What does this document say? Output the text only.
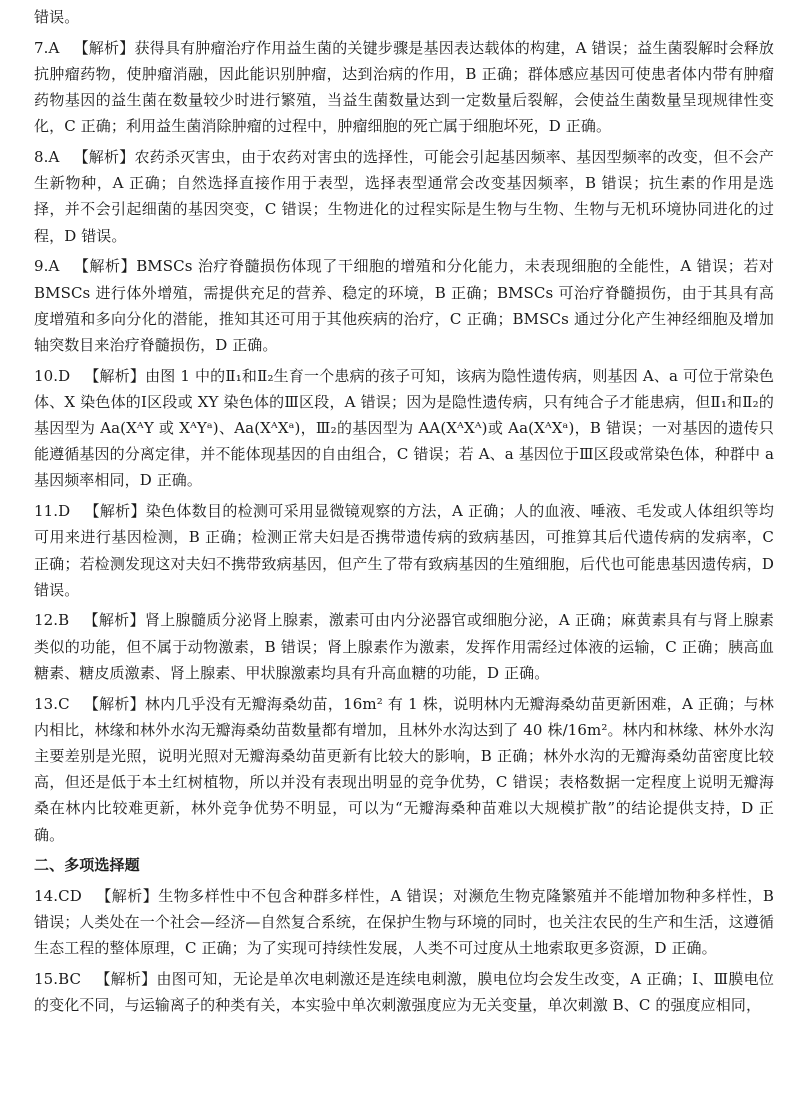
错误。

7.A 【解析】获得具有肿瘤治疗作用益生菌的关键步骤是基因表达载体的构建，A 错误；益生菌裂解时会释放抗肿瘤药物，使肿瘤消融，因此能识别肿瘤，达到治病的作用，B 正确；群体感应基因可使患者体内带有肿瘤药物基因的益生菌在数量较少时进行繁殖，当益生菌数量达到一定数量后裂解，会使益生菌数量呈现规律性变化，C 正确；利用益生菌消除肿瘤的过程中，肿瘤细胞的死亡属于细胞坏死，D 正确。

8.A 【解析】农药杀灭害虫，由于农药对害虫的选择性，可能会引起基因频率、基因型频率的改变，但不会产生新物种，A 正确；自然选择直接作用于表型，选择表型通常会改变基因频率，B 错误；抗生素的作用是选择，并不会引起细菌的基因突变，C 错误；生物进化的过程实际是生物与生物、生物与无机环境协同进化的过程，D 错误。

9.A 【解析】BMSCs 治疗脊髓损伤体现了干细胞的增殖和分化能力，未表现细胞的全能性，A 错误；若对 BMSCs 进行体外增殖，需提供充足的营养、稳定的环境，B 正确；BMSCs 可治疗脊髓损伤，由于其具有高度增殖和多向分化的潜能，推知其还可用于其他疾病的治疗，C 正确；BMSCs 通过分化产生神经细胞及增加轴突数目来治疗脊髓损伤，D 正确。

10.D 【解析】由图 1 中的Ⅱ₁和Ⅱ₂生育一个患病的孩子可知，该病为隐性遗传病，则基因 A、a 可位于常染色体、X 染色体的Ⅰ区段或 XY 染色体的Ⅲ区段，A 错误；因为是隐性遗传病，只有纯合子才能患病，但Ⅱ₁和Ⅱ₂的基因型为 Aa(XᴬY 或 XᴬYᵃ)、Aa(XᴬXᵃ)，Ⅲ₂的基因型为 AA(XᴬXᴬ)或 Aa(XᴬXᵃ)，B 错误；一对基因的遗传只能遵循基因的分离定律，并不能体现基因的自由组合，C 错误；若 A、a 基因位于Ⅲ区段或常染色体，种群中 a 基因频率相同，D 正确。

11.D 【解析】染色体数目的检测可采用显微镜观察的方法，A 正确；人的血液、唾液、毛发或人体组织等均可用来进行基因检测，B 正确；检测正常夫妇是否携带遗传病的致病基因，可推算其后代遗传病的发病率，C 正确；若检测发现这对夫妇不携带致病基因，但产生了带有致病基因的生殖细胞，后代也可能患基因遗传病，D 错误。

12.B 【解析】肾上腺髓质分泌肾上腺素，激素可由内分泌器官或细胞分泌，A 正确；麻黄素具有与肾上腺素类似的功能，但不属于动物激素，B 错误；肾上腺素作为激素，发挥作用需经过体液的运输，C 正确；胰高血糖素、糖皮质激素、肾上腺素、甲状腺激素均具有升高血糖的功能，D 正确。

13.C 【解析】林内几乎没有无瓣海桑幼苗，16m² 有 1 株，说明林内无瓣海桑幼苗更新困难，A 正确；与林内相比，林缘和林外水沟无瓣海桑幼苗数量都有增加，且林外水沟达到了 40 株/16m²。林内和林缘、林外水沟主要差别是光照，说明光照对无瓣海桑幼苗更新有比较大的影响，B 正确；林外水沟的无瓣海桑幼苗密度比较高，但还是低于本土红树植物，所以并没有表现出明显的竞争优势，C 错误；表格数据一定程度上说明无瓣海桑在林内比较难更新，林外竞争优势不明显，可以为“无瓣海桑种苗难以大规模扩散”的结论提供支持，D 正确。

二、多项选择题

14.CD 【解析】生物多样性中不包含种群多样性，A 错误；对濒危生物克隆繁殖并不能增加物种多样性，B 错误；人类处在一个社会—经济—自然复合系统，在保护生物与环境的同时，也关注农民的生产和生活，这遵循生态工程的整体原理，C 正确；为了实现可持续性发展，人类不可过度从土地索取更多资源，D 正确。

15.BC 【解析】由图可知，无论是单次电刺激还是连续电刺激，膜电位均会发生改变，A 正确；Ⅰ、Ⅲ膜电位的变化不同，与运输离子的种类有关，本实验中单次刺激强度应为无关变量，单次刺激 B、C 的强度应相同，
